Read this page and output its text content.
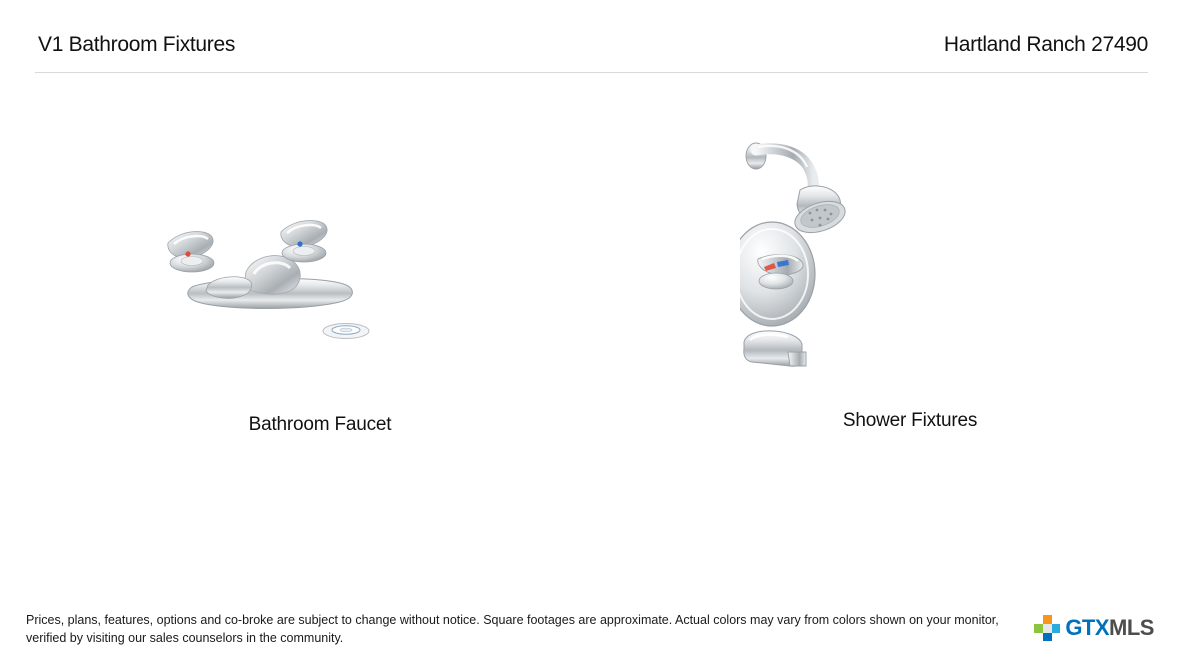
V1 Bathroom Fixtures	Hartland Ranch 27490
Bathroom Faucet	Shower Fixtures
Prices, plans, features, options and co-broke are subject to change without notice. Square footages are approximate. Actual colors may vary from colors shown on your monitor, verified by visiting our sales counselors in the community.	GTXMLS
